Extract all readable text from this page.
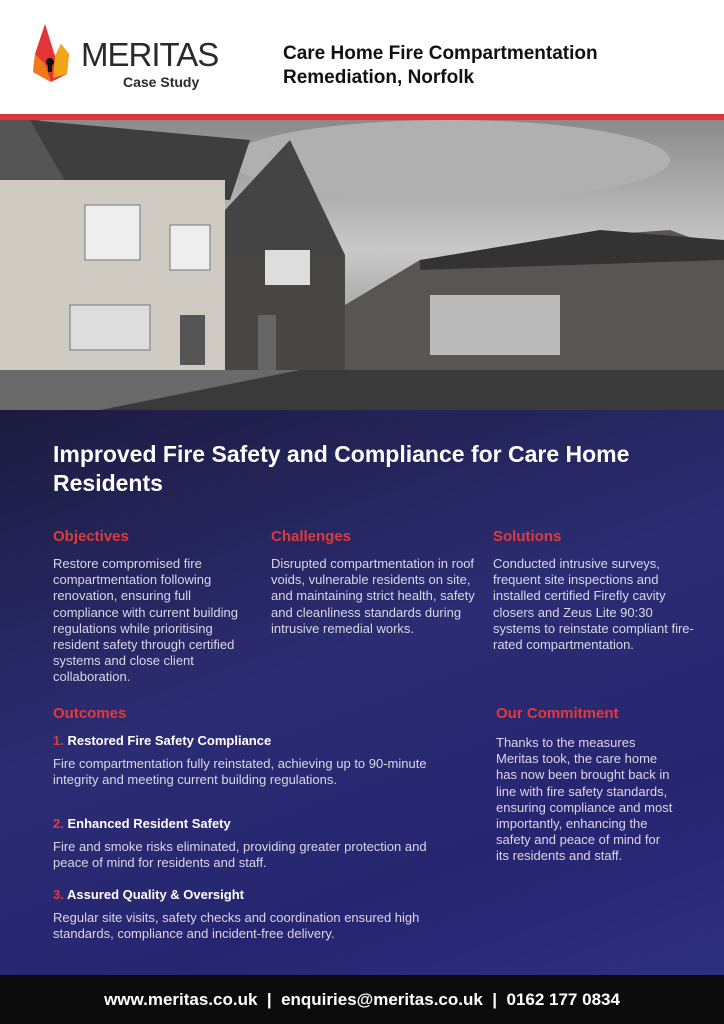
MERITAS
Case Study
Care Home Fire Compartmentation
Remediation, Norfolk
Improved Fire Safety and Compliance for Care Home Residents
Objectives
Restore compromised fire compartmentation following renovation, ensuring full compliance with current building regulations while prioritising resident safety through certified systems and close client collaboration.
Challenges
Disrupted compartmentation in roof voids, vulnerable residents on site, and maintaining strict health, safety and cleanliness standards during intrusive remedial works.
Solutions
Conducted intrusive surveys, frequent site inspections and installed certified Firefly cavity closers and Zeus Lite 90:30 systems to reinstate compliant fire-rated compartmentation.
Outcomes
1. Restored Fire Safety Compliance
Fire compartmentation fully reinstated, achieving up to 90-minute integrity and meeting current building regulations.
2. Enhanced Resident Safety
Fire and smoke risks eliminated, providing greater protection and peace of mind for residents and staff.
3. Assured Quality & Oversight
Regular site visits, safety checks and coordination ensured high standards, compliance and incident-free delivery.
Our Commitment
Thanks to the measures Meritas took, the care home has now been brought back in line with fire safety standards, ensuring compliance and most importantly, enhancing the safety and peace of mind for its residents and staff.
www.meritas.co.uk  |  enquiries@meritas.co.uk  |  0162 177 0834
